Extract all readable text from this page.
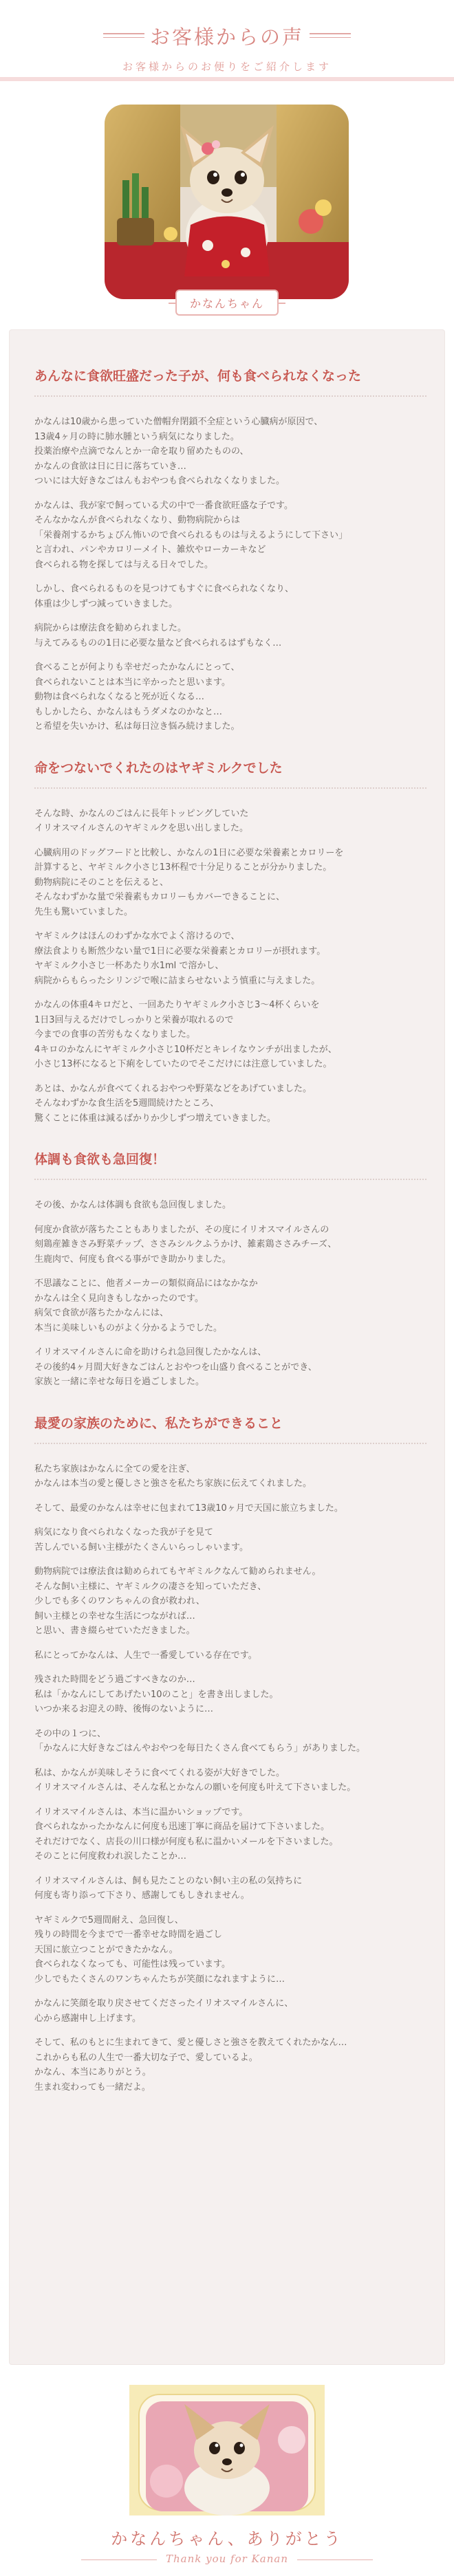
お客様からの声
お客様からのお便りをご紹介します
かなんちゃん
あんなに食欲旺盛だった子が、何も食べられなくなった

かなんは10歳から患っていた僧帽弁閉鎖不全症という心臓病が原因で、
13歳4ヶ月の時に肺水腫という病気になりました。
投薬治療や点滴でなんとか一命を取り留めたものの、
かなんの食欲は日に日に落ちていき…
ついには大好きなごはんもおやつも食べられなくなりました。

かなんは、我が家で飼っている犬の中で一番食欲旺盛な子です。
そんなかなんが食べられなくなり、動物病院からは
「栄養剤するかちょびん怖いので食べられるものは与えるようにして下さい」
と言われ、パンやカロリーメイト、雑炊やローカーキなど
食べられる物を探しては与える日々でした。

しかし、食べられるものを見つけてもすぐに食べられなくなり、
体重は少しずつ減っていきました。

病院からは療法食を勧められました。
与えてみるものの1日に必要な量など食べられるはずもなく…

食べることが何よりも幸せだったかなんにとって、
食べられないことは本当に辛かったと思います。
動物は食べられなくなると死が近くなる…
もしかしたら、かなんはもうダメなのかなと…
と希望を失いかけ、私は毎日泣き悩み続けました。

命をつないでくれたのはヤギミルクでした

そんな時、かなんのごはんに長年トッピングしていた
イリオスマイルさんのヤギミルクを思い出しました。

心臓病用のドッグフードと比較し、かなんの1日に必要な栄養素とカロリーを
計算すると、ヤギミルク小さじ13杯程で十分足りることが分かりました。
動物病院にそのことを伝えると、
そんなわずかな量で栄養素もカロリーもカバーできることに、
先生も驚いていました。

ヤギミルクはほんのわずかな水でよく溶けるので、
療法食よりも断然少ない量で1日に必要な栄養素とカロリーが摂れます。
ヤギミルク小さじ一杯あたり水1ml で溶かし、
病院からもらったシリンジで喉に詰まらせないよう慎重に与えました。

かなんの体重4キロだと、一回あたりヤギミルク小さじ3〜4杯くらいを
1日3回与えるだけでしっかりと栄養が取れるので
今までの食事の苦労もなくなりました。
4キロのかなんにヤギミルク小さじ10杯だとキレイなウンチが出ましたが、
小さじ13杯になると下痢をしていたのでそこだけには注意していました。

あとは、かなんが食べてくれるおやつや野菜などをあげていました。
そんなわずかな食生活を5週間続けたところ、
驚くことに体重は減るばかりか少しずつ増えていきました。

体調も食欲も急回復！

その後、かなんは体調も食欲も急回復しました。

何度か食欲が落ちたこともありましたが、その度にイリオスマイルさんの
刻鶏産雑きさみ野菜チップ、ささみシルクふうかけ、雑素鶏ささみチーズ、
生鹿肉で、何度も食べる事ができ助かりました。

不思議なことに、他者メーカーの類似商品にはなかなか
かなんは全く見向きもしなかったのです。
病気で食欲が落ちたかなんには、
本当に美味しいものがよく分かるようでした。

イリオスマイルさんに命を助けられ急回復したかなんは、
その後約4ヶ月間大好きなごはんとおやつを山盛り食べることができ、
家族と一緒に幸せな毎日を過ごしました。

最愛の家族のために、私たちができること

私たち家族はかなんに全ての愛を注ぎ、
かなんは本当の愛と優しさと強さを私たち家族に伝えてくれました。

そして、最愛のかなんは幸せに包まれて13歳10ヶ月で天国に旅立ちました。

病気になり食べられなくなった我が子を見て
苦しんでいる飼い主様がたくさんいらっしゃいます。

動物病院では療法食は勧められてもヤギミルクなんて勧められません。
そんな飼い主様に、ヤギミルクの凄さを知っていただき、
少しでも多くのワンちゃんの食が救われ、
飼い主様との幸せな生活につながれば…
と思い、書き綴らせていただきました。

私にとってかなんは、人生で一番愛している存在です。

残された時間をどう過ごすべきなのか…
私は「かなんにしてあげたい10のこと」を書き出しました。
いつか来るお迎えの時、後悔のないように…

その中の１つに、
「かなんに大好きなごはんやおやつを毎日たくさん食べてもらう」がありました。

私は、かなんが美味しそうに食べてくれる姿が大好きでした。
イリオスマイルさんは、そんな私とかなんの願いを何度も叶えて下さいました。

イリオスマイルさんは、本当に温かいショップです。
食べられなかったかなんに何度も迅速丁寧に商品を届けて下さいました。
それだけでなく、店長の川口様が何度も私に温かいメールを下さいました。
そのことに何度救われ涙したことか…

イリオスマイルさんは、飼も見たことのない飼い主の私の気持ちに
何度も寄り添って下さり、感謝してもしきれません。

ヤギミルクで5週間耐え、急回復し、
残りの時間を今までで一番幸せな時間を過ごし
天国に旅立つことができたかなん。
食べられなくなっても、可能性は残っています。
少しでもたくさんのワンちゃんたちが笑顔になれますように…

かなんに笑顔を取り戻させてくださったイリオスマイルさんに、
心から感謝申し上げます。

そして、私のもとに生まれてきて、愛と優しさと強さを教えてくれたかなん…
これからも私の人生で一番大切な子で、愛しているよ。
かなん、本当にありがとう。
生まれ変わっても一緒だよ。

かなんちゃん、ありがとう
Thank you for Kanan
